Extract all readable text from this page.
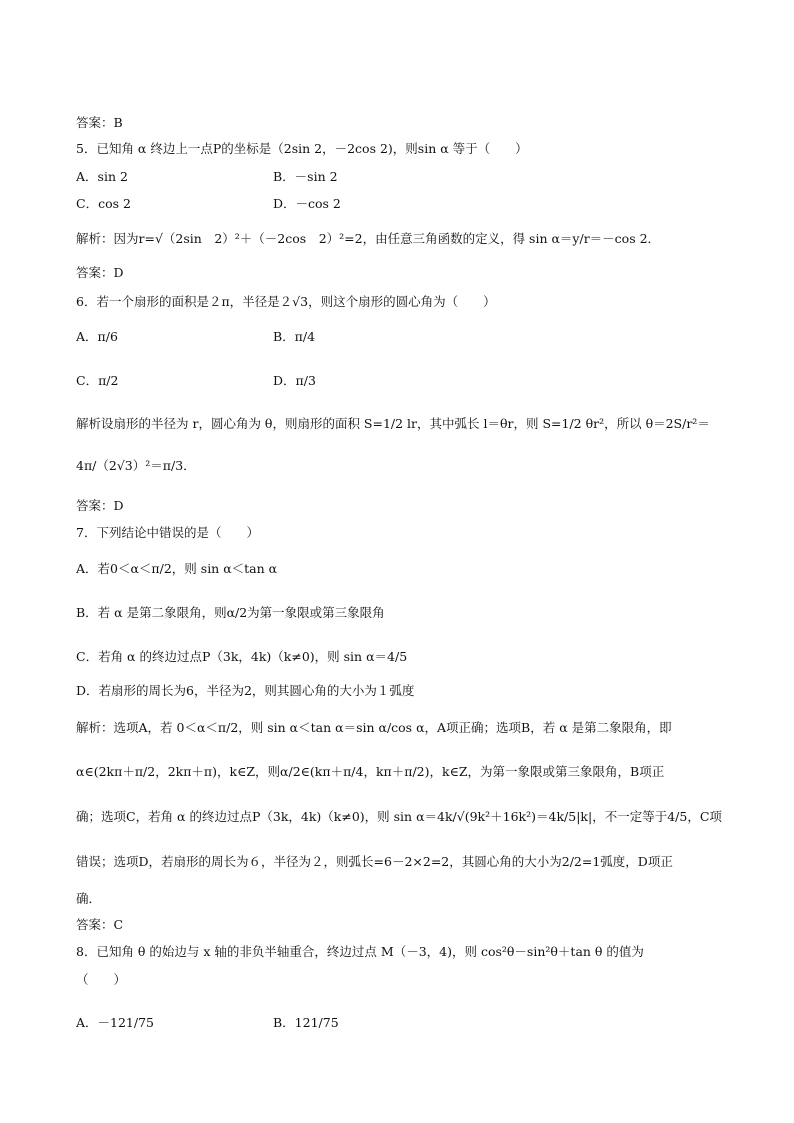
答案：B
5．已知角 α 终边上一点P的坐标是（2sin 2，－2cos 2)，则sin α 等于（　　）
A．sin 2	B．－sin 2
C．cos 2	D．－cos 2
解析：因为r=√（2sin　2）²＋（－2cos　2）²=2，由任意三角函数的定义，得 sin α＝y/r＝－cos 2．
答案：D
6．若一个扇形的面积是２π，半径是２√3，则这个扇形的圆心角为（　　）
A．π/6	B．π/4
C．π/2	D．π/3
解析设扇形的半径为 r，圆心角为 θ，则扇形的面积 S=1/2 lr，其中弧长 l＝θr，则 S=1/2 θr²，所以 θ＝2S/r²＝
4π/（2√3）²＝π/3．
答案：D
7．下列结论中错误的是（　　）
A．若0＜α＜π/2，则 sin α＜tan α
B．若 α 是第二象限角，则α/2为第一象限或第三象限角
C．若角 α 的终边过点P（3k，4k)（k≠0)，则 sin α＝4/5
D．若扇形的周长为6，半径为2，则其圆心角的大小为１弧度
解析：选项A，若 0＜α＜π/2，则 sin α＜tan α＝sin α/cos α，A项正确；选项B，若 α 是第二象限角，即
α∈(2kπ＋π/2，2kπ＋π)，k∈Z，则α/2∈(kπ＋π/4，kπ＋π/2)，k∈Z，为第一象限或第三象限角，B项正
确；选项C，若角 α 的终边过点P（3k，4k)（k≠0)，则 sin α＝4k/√(9k²＋16k²)＝4k/5|k|，不一定等于4/5，C项
错误；选项D，若扇形的周长为６，半径为２，则弧长=6－2×2=2，其圆心角的大小为2/2=1弧度，D项正
确．
答案：C
8．已知角 θ 的始边与 x 轴的非负半轴重合，终边过点 M（－3，4)，则 cos²θ－sin²θ＋tan θ 的值为
（　　）
A．－121/75	B．121/75
